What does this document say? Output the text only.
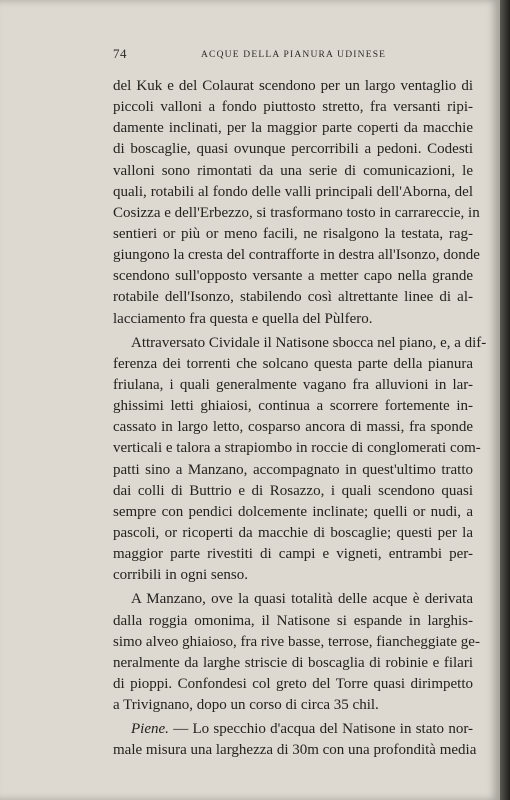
74	ACQUE DELLA PIANURA UDINESE
del Kuk e del Colaurat scendono per un largo ventaglio di
piccoli valloni a fondo piuttosto stretto, fra versanti ripi-
damente inclinati, per la maggior parte coperti da macchie
di boscaglie, quasi ovunque percorribili a pedoni. Codesti
valloni sono rimontati da una serie di comunicazioni, le
quali, rotabili al fondo delle valli principali dell'Aborna, del
Cosizza e dell'Erbezzo, si trasformano tosto in carrareccie, in
sentieri or più or meno facili, ne risalgono la testata, rag-
giungono la cresta del contrafforte in destra all'Isonzo, donde
scendono sull'opposto versante a metter capo nella grande
rotabile dell'Isonzo, stabilendo così altrettante linee di al-
lacciamento fra questa e quella del Pùlfero.
Attraversato Cividale il Natisone sbocca nel piano, e, a dif-
ferenza dei torrenti che solcano questa parte della pianura
friulana, i quali generalmente vagano fra alluvioni in lar-
ghissimi letti ghiaiosi, continua a scorrere fortemente in-
cassato in largo letto, cosparso ancora di massi, fra sponde
verticali e talora a strapiombo in roccie di conglomerati com-
patti sino a Manzano, accompagnato in quest'ultimo tratto
dai colli di Buttrio e di Rosazzo, i quali scendono quasi
sempre con pendici dolcemente inclinate; quelli or nudi, a
pascoli, or ricoperti da macchie di boscaglie; questi per la
maggior parte rivestiti di campi e vigneti, entrambi per-
corribili in ogni senso.
A Manzano, ove la quasi totalità delle acque è derivata
dalla roggia omonima, il Natisone si espande in larghis-
simo alveo ghiaioso, fra rive basse, terrose, fiancheggiate ge-
neralmente da larghe striscie di boscaglia di robinie e filari
di pioppi. Confondesi col greto del Torre quasi dirimpetto
a Trivignano, dopo un corso di circa 35 chil.
Piene. — Lo specchio d'acqua del Natisone in stato nor-
male misura una larghezza di 30m con una profondità media
